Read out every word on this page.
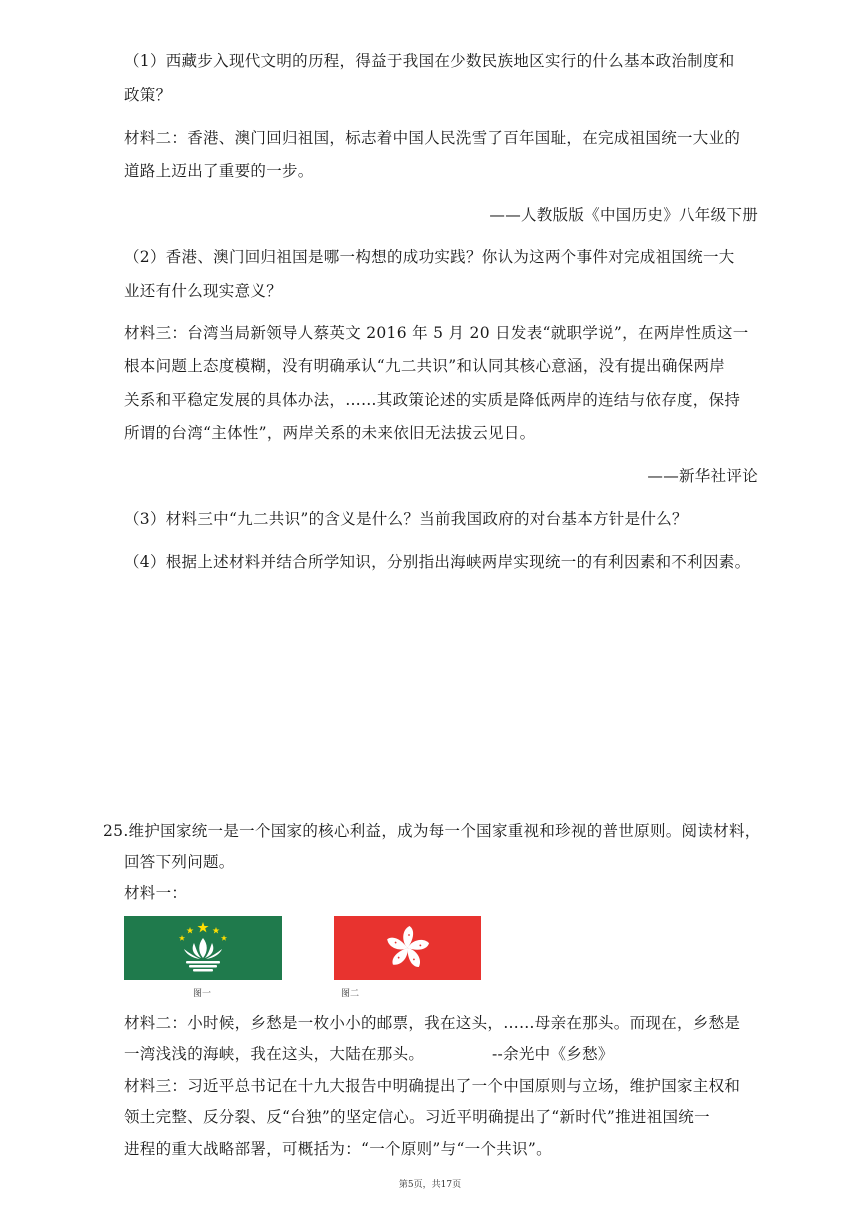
（1）西藏步入现代文明的历程，得益于我国在少数民族地区实行的什么基本政治制度和
政策？
材料二：香港、澳门回归祖国，标志着中国人民洗雪了百年国耻，在完成祖国统一大业的
道路上迈出了重要的一步。
——人教版版《中国历史》八年级下册
（2）香港、澳门回归祖国是哪一构想的成功实践？你认为这两个事件对完成祖国统一大
业还有什么现实意义？
材料三：台湾当局新领导人蔡英文 2016 年 5 月 20 日发表“就职学说”，在两岸性质这一
根本问题上态度模糊，没有明确承认“九二共识”和认同其核心意涵，没有提出确保两岸
关系和平稳定发展的具体办法，……其政策论述的实质是降低两岸的连结与依存度，保持
所谓的台湾“主体性”，两岸关系的未来依旧无法拔云见日。
——新华社评论
（3）材料三中“九二共识”的含义是什么？当前我国政府的对台基本方针是什么？
（4）根据上述材料并结合所学知识，分别指出海峡两岸实现统一的有利因素和不利因素。
25.维护国家统一是一个国家的核心利益，成为每一个国家重视和珍视的普世原则。阅读材料，
回答下列问题。
材料一：
图一	图二
材料二：小时候，乡愁是一枚小小的邮票，我在这头，……母亲在那头。而现在，乡愁是
一湾浅浅的海峡，我在这头，大陆在那头。	--余光中《乡愁》
材料三：习近平总书记在十九大报告中明确提出了一个中国原则与立场，维护国家主权和
领土完整、反分裂、反“台独”的坚定信心。习近平明确提出了“新时代”推进祖国统一
进程的重大战略部署，可概括为：“一个原则”与“一个共识”。
第5页，共17页
